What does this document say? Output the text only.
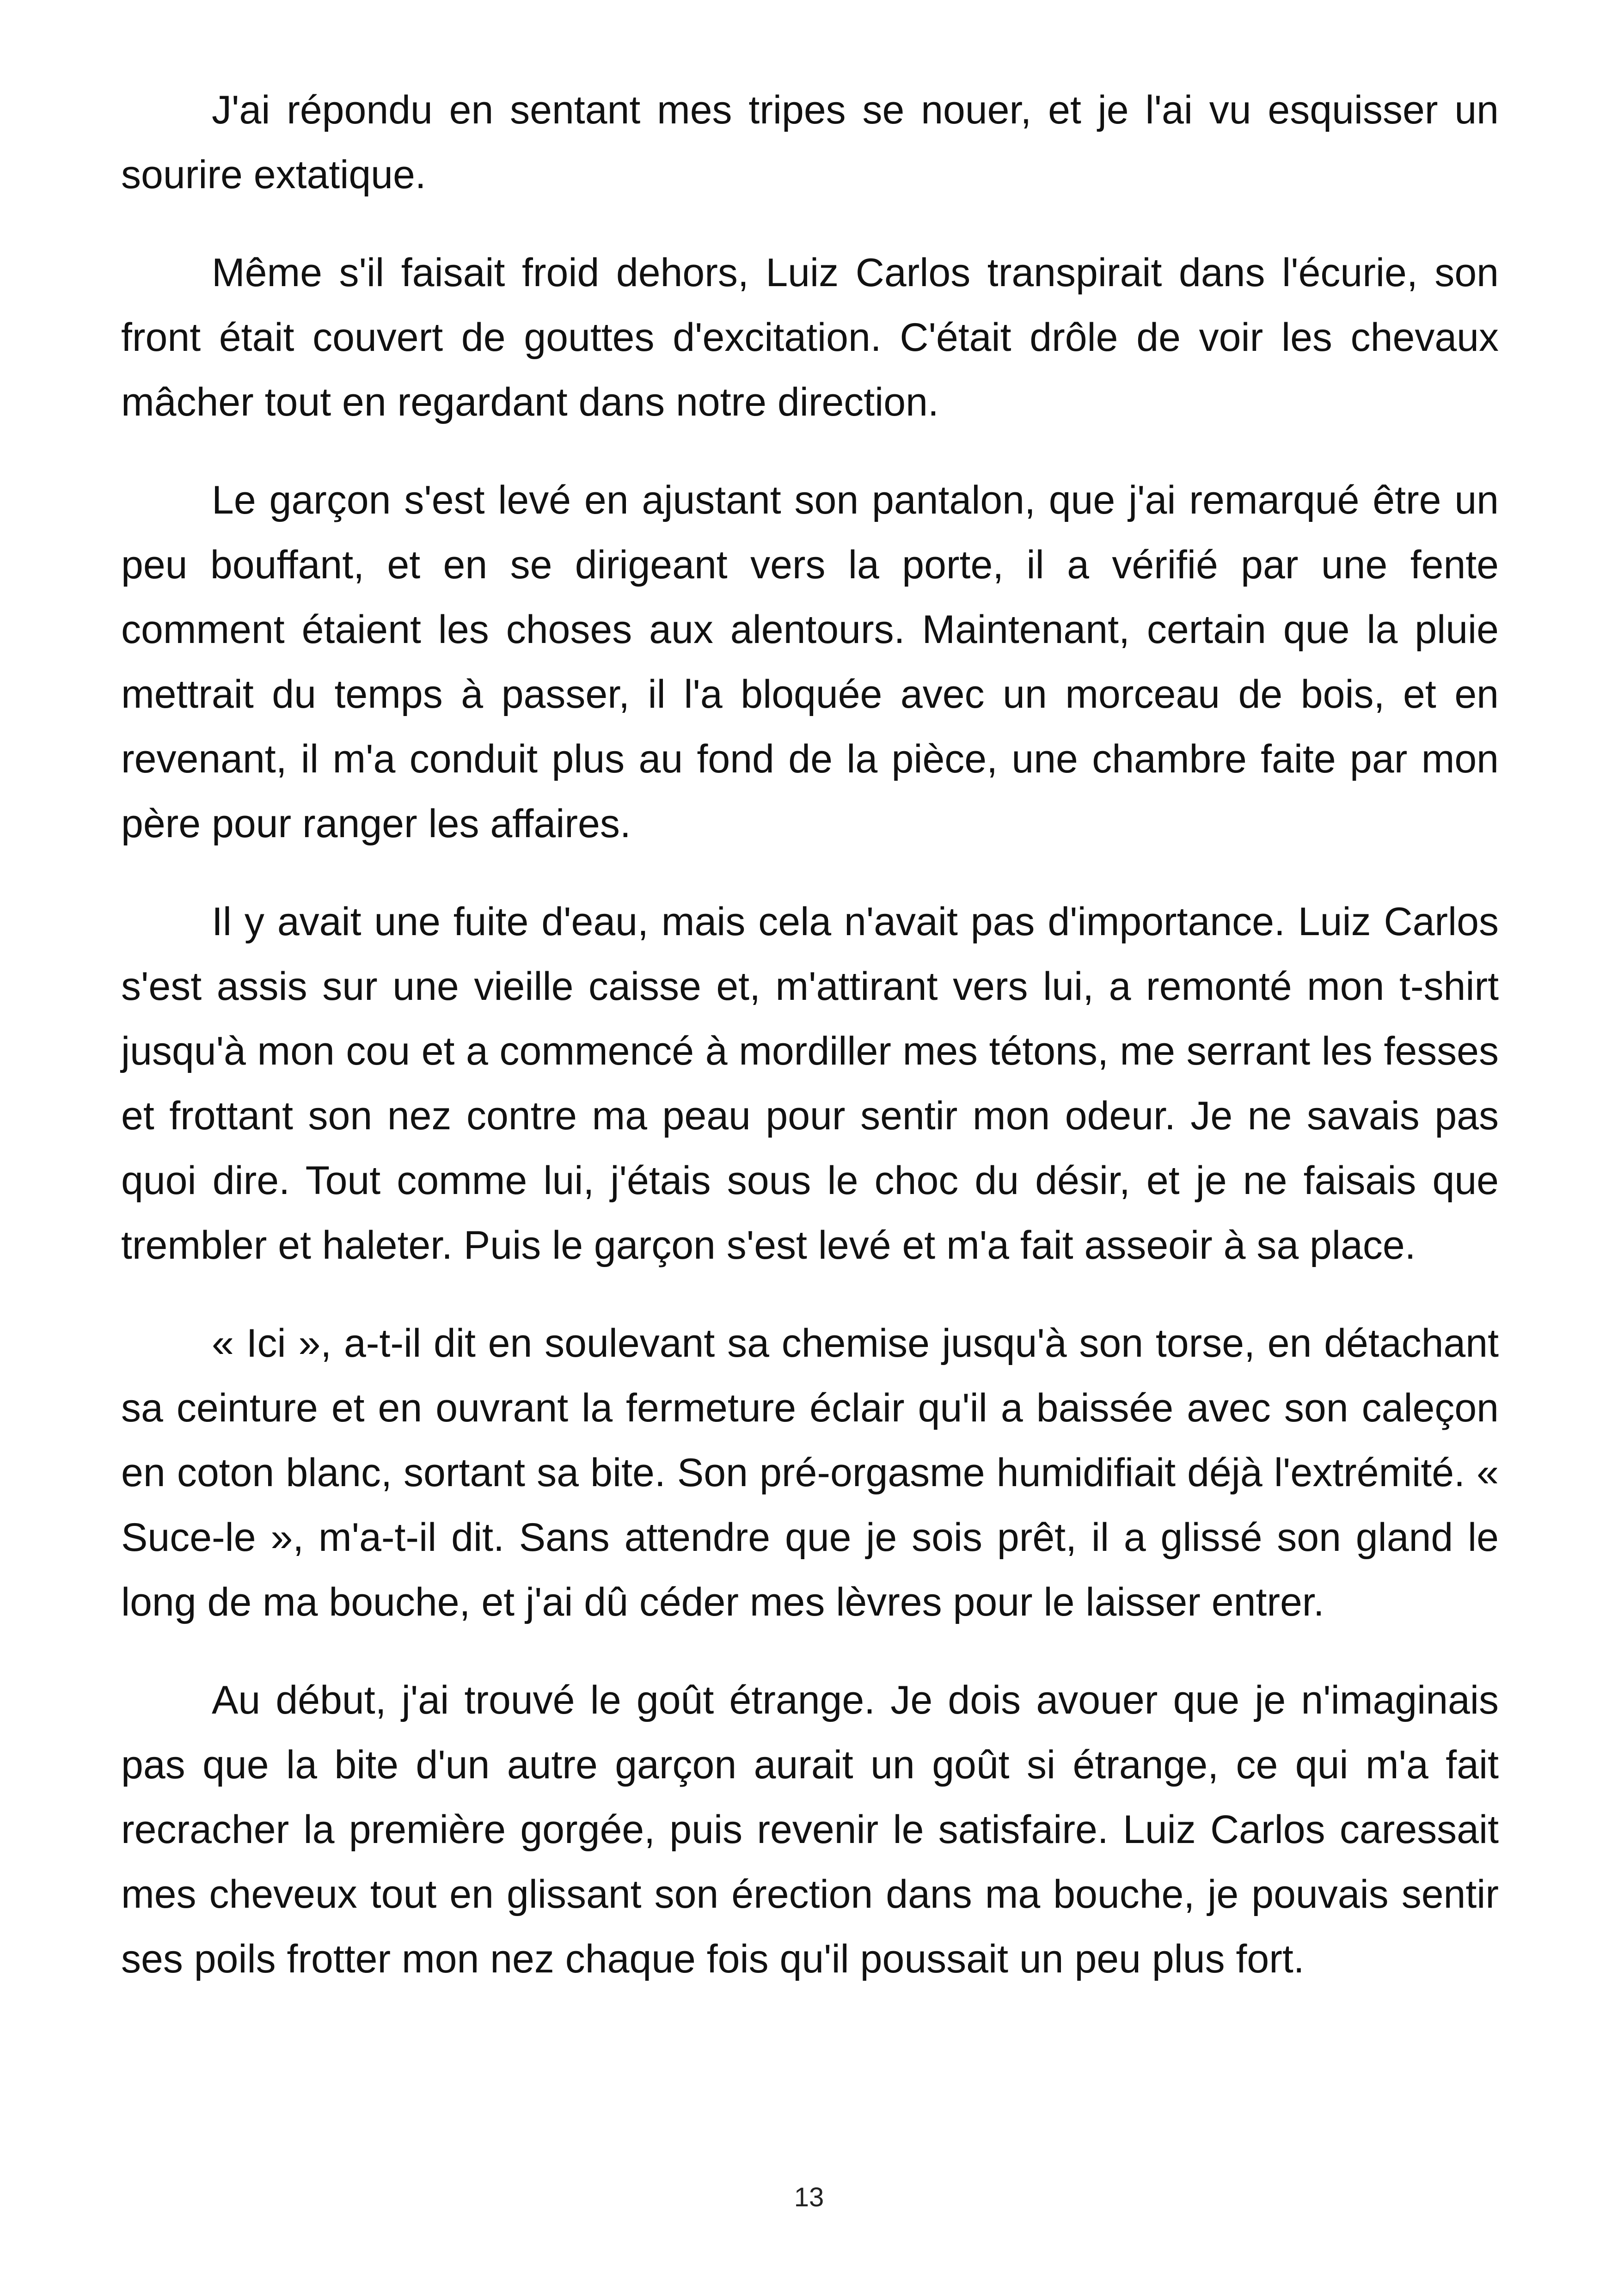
J'ai répondu en sentant mes tripes se nouer, et je l'ai vu esquisser un sourire extatique.

Même s'il faisait froid dehors, Luiz Carlos transpirait dans l'écurie, son front était couvert de gouttes d'excitation. C'était drôle de voir les chevaux mâcher tout en regardant dans notre direction.

Le garçon s'est levé en ajustant son pantalon, que j'ai remarqué être un peu bouffant, et en se dirigeant vers la porte, il a vérifié par une fente comment étaient les choses aux alentours. Maintenant, certain que la pluie mettrait du temps à passer, il l'a bloquée avec un morceau de bois, et en revenant, il m'a conduit plus au fond de la pièce, une chambre faite par mon père pour ranger les affaires.

Il y avait une fuite d'eau, mais cela n'avait pas d'importance. Luiz Carlos s'est assis sur une vieille caisse et, m'attirant vers lui, a remonté mon t-shirt jusqu'à mon cou et a commencé à mordiller mes tétons, me serrant les fesses et frottant son nez contre ma peau pour sentir mon odeur. Je ne savais pas quoi dire. Tout comme lui, j'étais sous le choc du désir, et je ne faisais que trembler et haleter. Puis le garçon s'est levé et m'a fait asseoir à sa place.

« Ici », a-t-il dit en soulevant sa chemise jusqu'à son torse, en détachant sa ceinture et en ouvrant la fermeture éclair qu'il a baissée avec son caleçon en coton blanc, sortant sa bite. Son pré-orgasme humidifiait déjà l'extrémité. « Suce-le », m'a-t-il dit. Sans attendre que je sois prêt, il a glissé son gland le long de ma bouche, et j'ai dû céder mes lèvres pour le laisser entrer.

Au début, j'ai trouvé le goût étrange. Je dois avouer que je n'imaginais pas que la bite d'un autre garçon aurait un goût si étrange, ce qui m'a fait recracher la première gorgée, puis revenir le satisfaire. Luiz Carlos caressait mes cheveux tout en glissant son érection dans ma bouche, je pouvais sentir ses poils frotter mon nez chaque fois qu'il poussait un peu plus fort.

13
